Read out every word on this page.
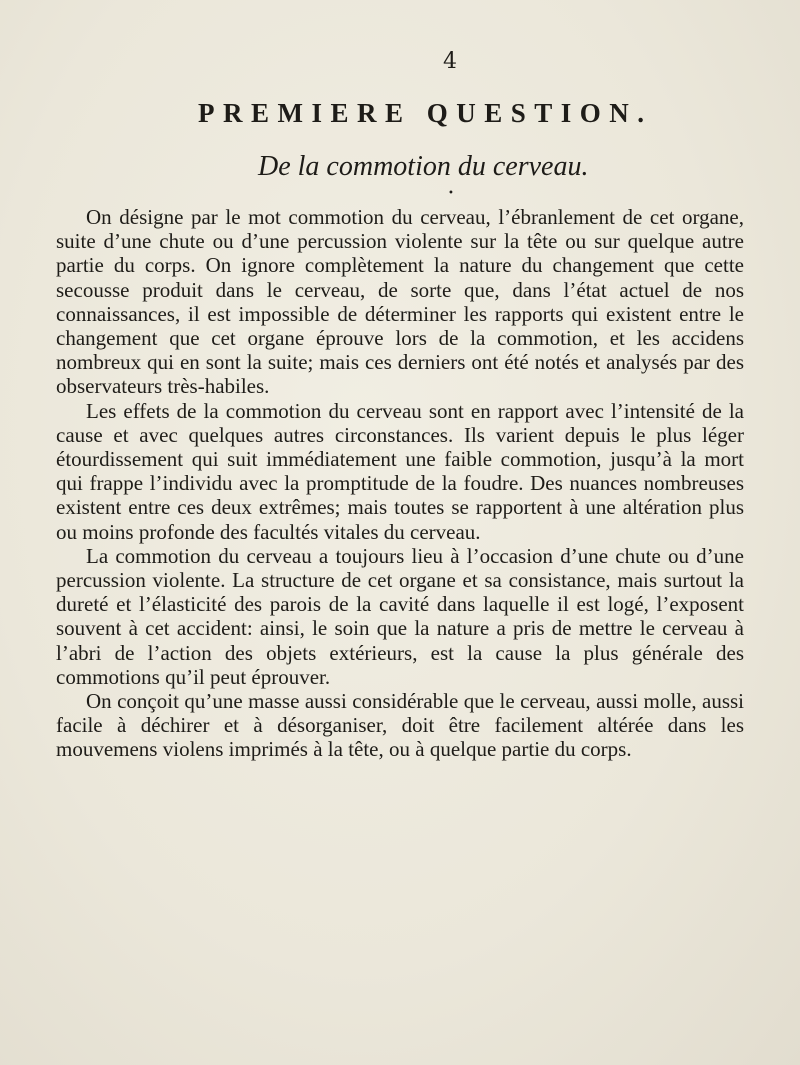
4
PREMIERE QUESTION.
De la commotion du cerveau.
•

On désigne par le mot commotion du cerveau, l’ébranlement de cet organe, suite d’une chute ou d’une percussion violente sur la tête ou sur quelque autre partie du corps. On ignore complètement la nature du changement que cette secousse produit dans le cerveau, de sorte que, dans l’état actuel de nos connaissances, il est impossible de déterminer les rapports qui existent entre le changement que cet organe éprouve lors de la commotion, et les accidens nombreux qui en sont la suite; mais ces derniers ont été notés et analysés par des observateurs très-habiles.

Les effets de la commotion du cerveau sont en rapport avec l’intensité de la cause et avec quelques autres circonstances. Ils varient depuis le plus léger étourdissement qui suit immédiatement une faible commotion, jusqu’à la mort qui frappe l’individu avec la promptitude de la foudre. Des nuances nombreuses existent entre ces deux extrêmes; mais toutes se rapportent à une altération plus ou moins profonde des facultés vitales du cerveau.

La commotion du cerveau a toujours lieu à l’occasion d’une chute ou d’une percussion violente. La structure de cet organe et sa consistance, mais surtout la dureté et l’élasticité des parois de la cavité dans laquelle il est logé, l’exposent souvent à cet accident: ainsi, le soin que la nature a pris de mettre le cerveau à l’abri de l’action des objets extérieurs, est la cause la plus générale des commotions qu’il peut éprouver.

On conçoit qu’une masse aussi considérable que le cerveau, aussi molle, aussi facile à déchirer et à désorganiser, doit être facilement altérée dans les mouvemens violens imprimés à la tête, ou à quelque partie du corps.
